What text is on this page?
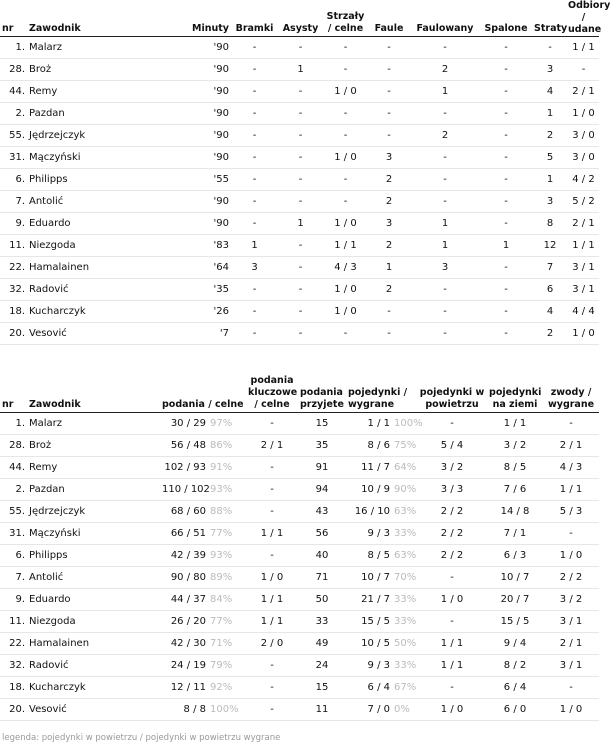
nr	Zawodnik	Minuty	Bramki	Asysty	Strzały / celne	Faule	Faulowany	Spalone	Straty	Odbiory / udane
1.	Malarz	'90	-	-	-	-	-	-	-	1 / 1
28.	Broż	'90	-	1	-	-	2	-	3	-
44.	Remy	'90	-	-	1 / 0	-	1	-	4	2 / 1
2.	Pazdan	'90	-	-	-	-	-	-	1	1 / 0
55.	Jędrzejczyk	'90	-	-	-	-	2	-	2	3 / 0
31.	Mączyński	'90	-	-	1 / 0	3	-	-	5	3 / 0
6.	Philipps	'55	-	-	-	2	-	-	1	4 / 2
7.	Antolić	'90	-	-	-	2	-	-	3	5 / 2
9.	Eduardo	'90	-	1	1 / 0	3	1	-	8	2 / 1
11.	Niezgoda	'83	1	-	1 / 1	2	1	1	12	1 / 1
22.	Hamalainen	'64	3	-	4 / 3	1	3	-	7	3 / 1
32.	Radović	'35	-	-	1 / 0	2	-	-	6	3 / 1
18.	Kucharczyk	'26	-	-	1 / 0	-	-	-	4	4 / 4
20.	Vesović	'7	-	-	-	-	-	-	2	1 / 0
nr	Zawodnik	podania / celne		podania kluczowe / celne	podania przyjete	pojedynki / wygrane		pojedynki w powietrzu	pojedynki na ziemi	zwody / wygrane
1.	Malarz	30 / 29	97%	-	15	1 / 1	100%	-	1 / 1	-
28.	Broż	56 / 48	86%	2 / 1	35	8 / 6	75%	5 / 4	3 / 2	2 / 1
44.	Remy	102 / 93	91%	-	91	11 / 7	64%	3 / 2	8 / 5	4 / 3
2.	Pazdan	110 / 102	93%	-	94	10 / 9	90%	3 / 3	7 / 6	1 / 1
55.	Jędrzejczyk	68 / 60	88%	-	43	16 / 10	63%	2 / 2	14 / 8	5 / 3
31.	Mączyński	66 / 51	77%	1 / 1	56	9 / 3	33%	2 / 2	7 / 1	-
6.	Philipps	42 / 39	93%	-	40	8 / 5	63%	2 / 2	6 / 3	1 / 0
7.	Antolić	90 / 80	89%	1 / 0	71	10 / 7	70%	-	10 / 7	2 / 2
9.	Eduardo	44 / 37	84%	1 / 1	50	21 / 7	33%	1 / 0	20 / 7	3 / 2
11.	Niezgoda	26 / 20	77%	1 / 1	33	15 / 5	33%	-	15 / 5	3 / 1
22.	Hamalainen	42 / 30	71%	2 / 0	49	10 / 5	50%	1 / 1	9 / 4	2 / 1
32.	Radović	24 / 19	79%	-	24	9 / 3	33%	1 / 1	8 / 2	3 / 1
18.	Kucharczyk	12 / 11	92%	-	15	6 / 4	67%	-	6 / 4	-
20.	Vesović	8 / 8	100%	-	11	7 / 0	0%	1 / 0	6 / 0	1 / 0
legenda: pojedynki w powietrzu / pojedynki w powietrzu wygrane
